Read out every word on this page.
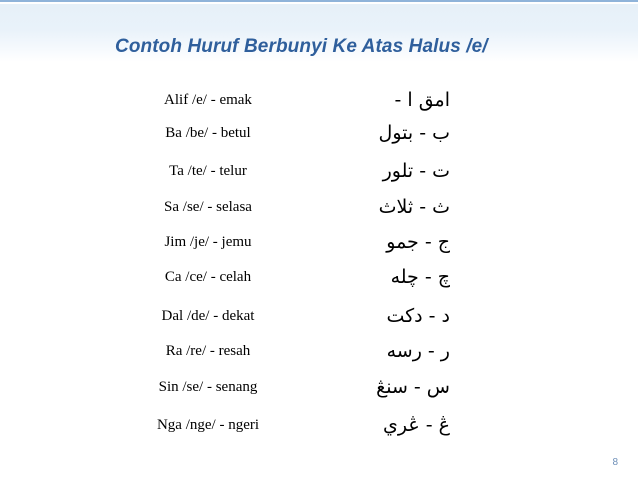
Contoh Huruf Berbunyi Ke Atas Halus /e/
Alif /e/ - emak	امق ا -
Ba /be/ - betul	ب - بتول
Ta /te/ - telur	ت - تلور
Sa /se/ - selasa	ث - ثلاث
Jim /je/ - jemu	ج - جمو
Ca /ce/ - celah	چ - چله
Dal /de/ - dekat	د - دکت
Ra /re/ - resah	ر - رسه
Sin /se/ - senang	س - سنڠ
Nga /nge/ - ngeri	ڠ - ڠري
8
